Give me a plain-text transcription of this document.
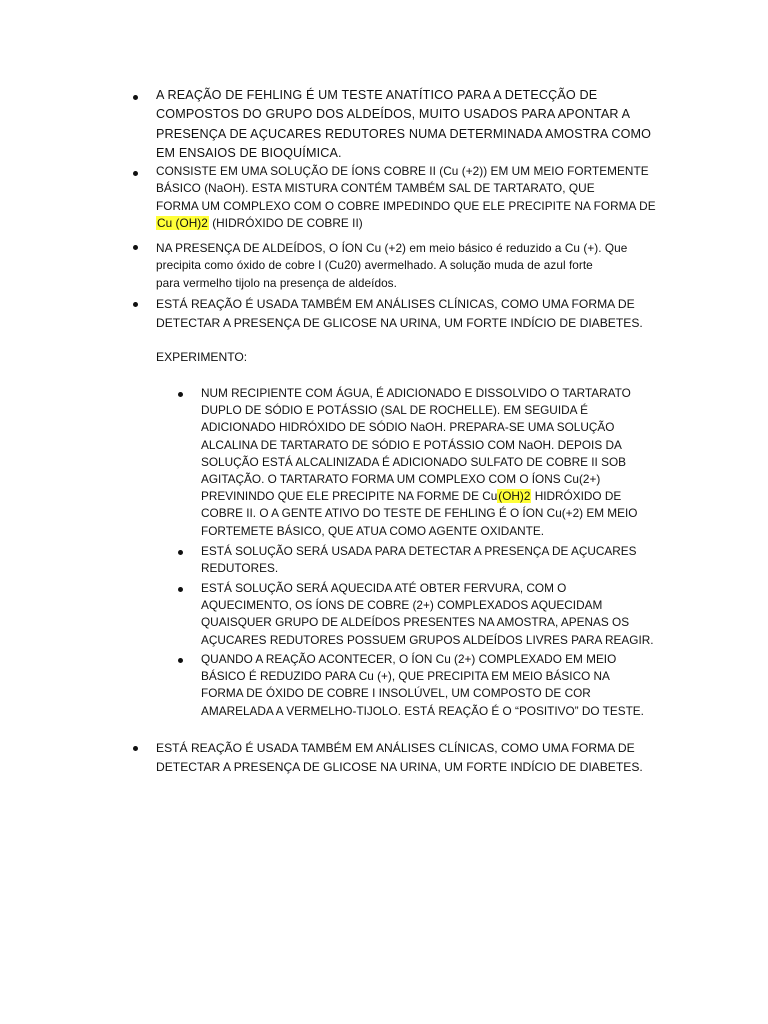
A REAÇÃO DE FEHLING É UM TESTE ANATÍTICO PARA A DETECÇÃO DE
COMPOSTOS DO GRUPO DOS ALDEÍDOS, MUITO USADOS PARA APONTAR A
PRESENÇA DE AÇUCARES REDUTORES NUMA DETERMINADA AMOSTRA COMO
EM ENSAIOS DE BIOQUÍMICA.

CONSISTE EM UMA SOLUÇÃO DE ÍONS COBRE II (Cu (+2)) EM UM MEIO FORTEMENTE
BÁSICO (NaOH). ESTA MISTURA CONTÉM TAMBÉM SAL DE TARTARATO, QUE
FORMA UM COMPLEXO COM O COBRE IMPEDINDO QUE ELE PRECIPITE NA FORMA DE
Cu (OH)2 (HIDRÓXIDO DE COBRE II)

NA PRESENÇA DE ALDEÍDOS, O ÍON Cu (+2) em meio básico é reduzido a Cu (+). Que
precipita como óxido de cobre I (Cu20) avermelhado. A solução muda de azul forte
para vermelho tijolo na presença de aldeídos.

ESTÁ REAÇÃO É USADA TAMBÉM EM ANÁLISES CLÍNICAS, COMO UMA FORMA DE
DETECTAR A PRESENÇA DE GLICOSE NA URINA, UM FORTE INDÍCIO DE DIABETES.

EXPERIMENTO:

NUM RECIPIENTE COM ÁGUA, É ADICIONADO E DISSOLVIDO O TARTARATO
DUPLO DE SÓDIO E POTÁSSIO (SAL DE ROCHELLE). EM SEGUIDA É
ADICIONADO HIDRÓXIDO DE SÓDIO NaOH. PREPARA-SE UMA SOLUÇÃO
ALCALINA DE TARTARATO DE SÓDIO E POTÁSSIO COM NaOH. DEPOIS DA
SOLUÇÃO ESTÁ ALCALINIZADA É ADICIONADO SULFATO DE COBRE II SOB
AGITAÇÃO. O TARTARATO FORMA UM COMPLEXO COM O ÍONS Cu(2+)
PREVININDO QUE ELE PRECIPITE NA FORME DE Cu(OH)2 HIDRÓXIDO DE
COBRE II. O A GENTE ATIVO DO TESTE DE FEHLING É O ÍON Cu(+2) EM MEIO
FORTEMETE BÁSICO, QUE ATUA COMO AGENTE OXIDANTE.

ESTÁ SOLUÇÃO SERÁ USADA PARA DETECTAR A PRESENÇA DE AÇUCARES
REDUTORES.

ESTÁ SOLUÇÃO SERÁ AQUECIDA ATÉ OBTER FERVURA, COM O
AQUECIMENTO, OS ÍONS DE COBRE (2+) COMPLEXADOS AQUECIDAM
QUAISQUER GRUPO DE ALDEÍDOS PRESENTES NA AMOSTRA, APENAS OS
AÇUCARES REDUTORES POSSUEM GRUPOS ALDEÍDOS LIVRES PARA REAGIR.

QUANDO A REAÇÃO ACONTECER, O ÍON Cu (2+) COMPLEXADO EM MEIO
BÁSICO É REDUZIDO PARA Cu (+), QUE PRECIPITA EM MEIO BÁSICO NA
FORMA DE ÓXIDO DE COBRE I INSOLÚVEL, UM COMPOSTO DE COR
AMARELADA A VERMELHO-TIJOLO. ESTÁ REAÇÃO É O “POSITIVO” DO TESTE.

ESTÁ REAÇÃO É USADA TAMBÉM EM ANÁLISES CLÍNICAS, COMO UMA FORMA DE
DETECTAR A PRESENÇA DE GLICOSE NA URINA, UM FORTE INDÍCIO DE DIABETES.
